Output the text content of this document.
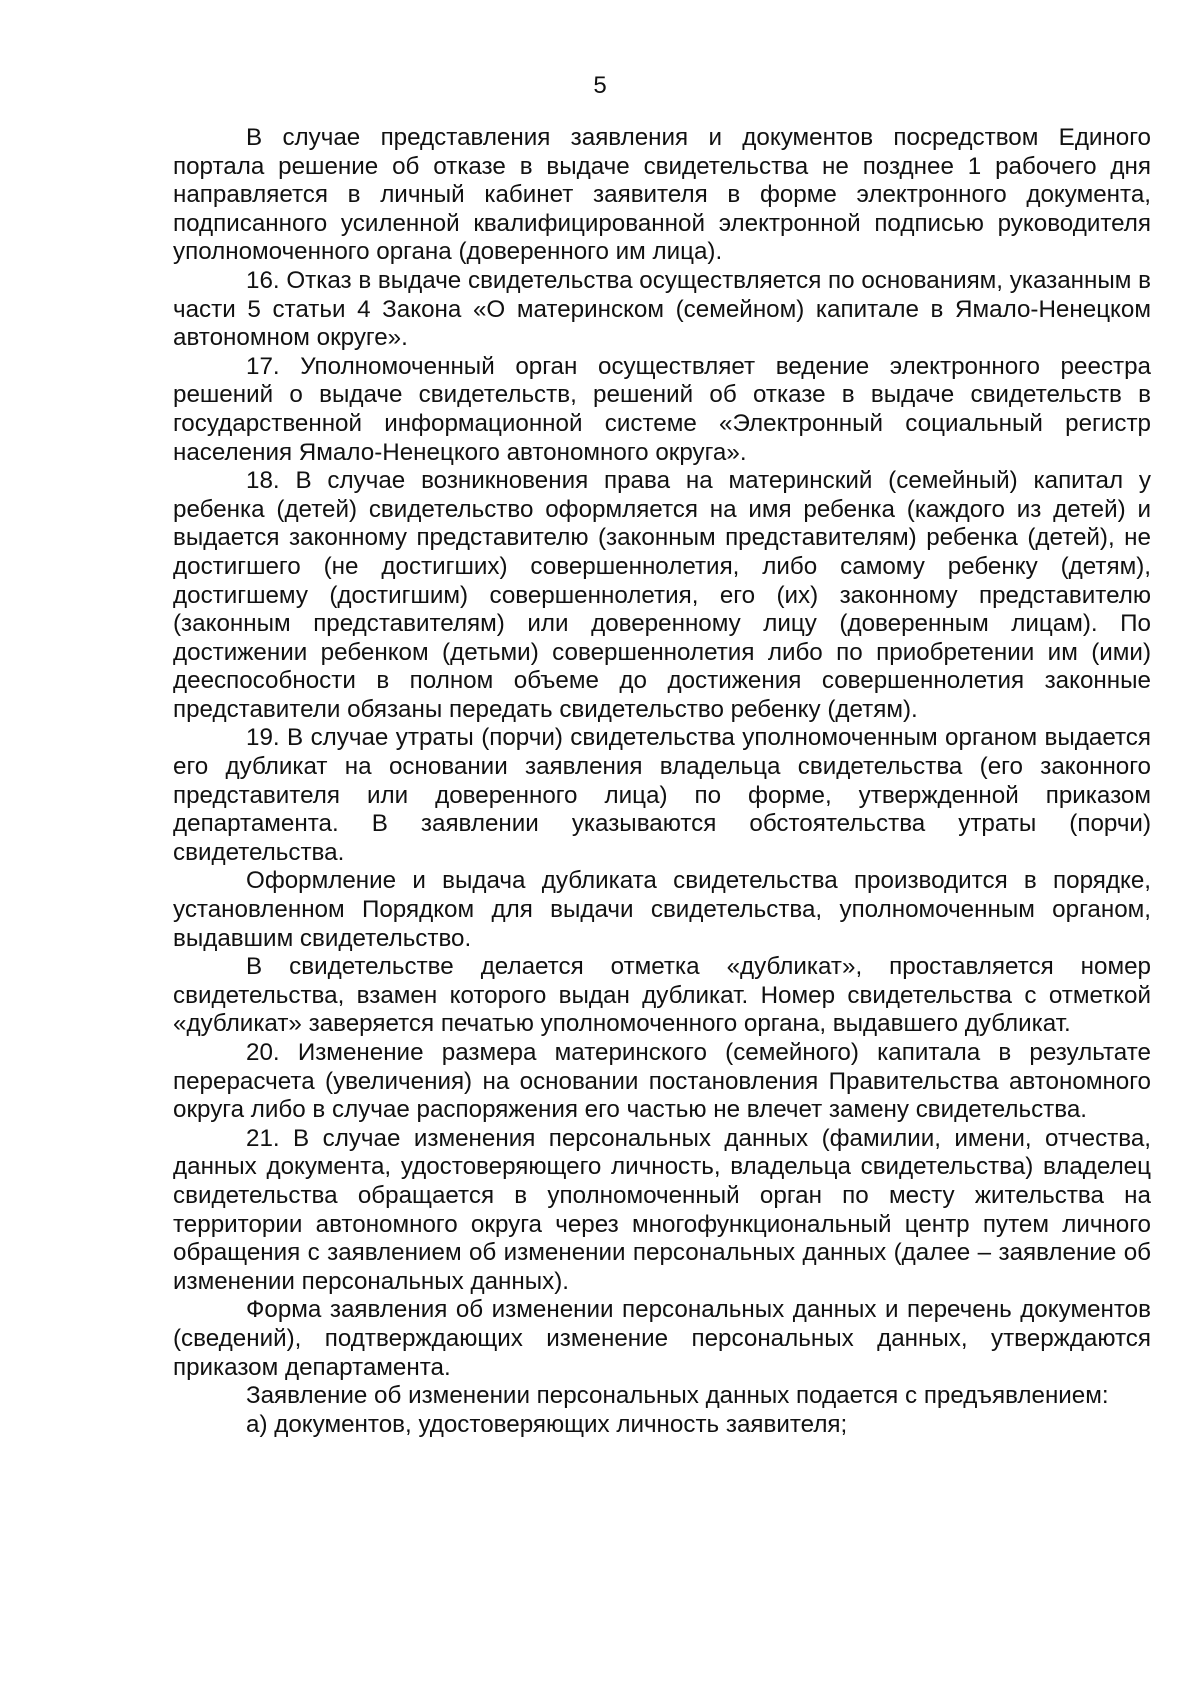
5

В случае представления заявления и документов посредством Единого портала решение об отказе в выдаче свидетельства не позднее 1 рабочего дня направляется в личный кабинет заявителя в форме электронного документа, подписанного усиленной квалифицированной электронной подписью руководителя уполномоченного органа (доверенного им лица).

16. Отказ в выдаче свидетельства осуществляется по основаниям, указанным в части 5 статьи 4 Закона «О материнском (семейном) капитале в Ямало-Ненецком автономном округе».

17. Уполномоченный орган осуществляет ведение электронного реестра решений о выдаче свидетельств, решений об отказе в выдаче свидетельств в государственной информационной системе «Электронный социальный регистр населения Ямало-Ненецкого автономного округа».

18. В случае возникновения права на материнский (семейный) капитал у ребенка (детей) свидетельство оформляется на имя ребенка (каждого из детей) и выдается законному представителю (законным представителям) ребенка (детей), не достигшего (не достигших) совершеннолетия, либо самому ребенку (детям), достигшему (достигшим) совершеннолетия, его (их) законному представителю (законным представителям) или доверенному лицу (доверенным лицам). По достижении ребенком (детьми) совершеннолетия либо по приобретении им (ими) дееспособности в полном объеме до достижения совершеннолетия законные представители обязаны передать свидетельство ребенку (детям).

19. В случае утраты (порчи) свидетельства уполномоченным органом выдается его дубликат на основании заявления владельца свидетельства (его законного представителя или доверенного лица) по форме, утвержденной приказом департамента. В заявлении указываются обстоятельства утраты (порчи) свидетельства.

Оформление и выдача дубликата свидетельства производится в порядке, установленном Порядком для выдачи свидетельства, уполномоченным органом, выдавшим свидетельство.

В свидетельстве делается отметка «дубликат», проставляется номер свидетельства, взамен которого выдан дубликат. Номер свидетельства с отметкой «дубликат» заверяется печатью уполномоченного органа, выдавшего дубликат.

20. Изменение размера материнского (семейного) капитала в результате перерасчета (увеличения) на основании постановления Правительства автономного округа либо в случае распоряжения его частью не влечет замену свидетельства.

21. В случае изменения персональных данных (фамилии, имени, отчества, данных документа, удостоверяющего личность, владельца свидетельства) владелец свидетельства обращается в уполномоченный орган по месту жительства на территории автономного округа через многофункциональный центр путем личного обращения с заявлением об изменении персональных данных (далее – заявление об изменении персональных данных).

Форма заявления об изменении персональных данных и перечень документов (сведений), подтверждающих изменение персональных данных, утверждаются приказом департамента.

Заявление об изменении персональных данных подается с предъявлением:

а) документов, удостоверяющих личность заявителя;
